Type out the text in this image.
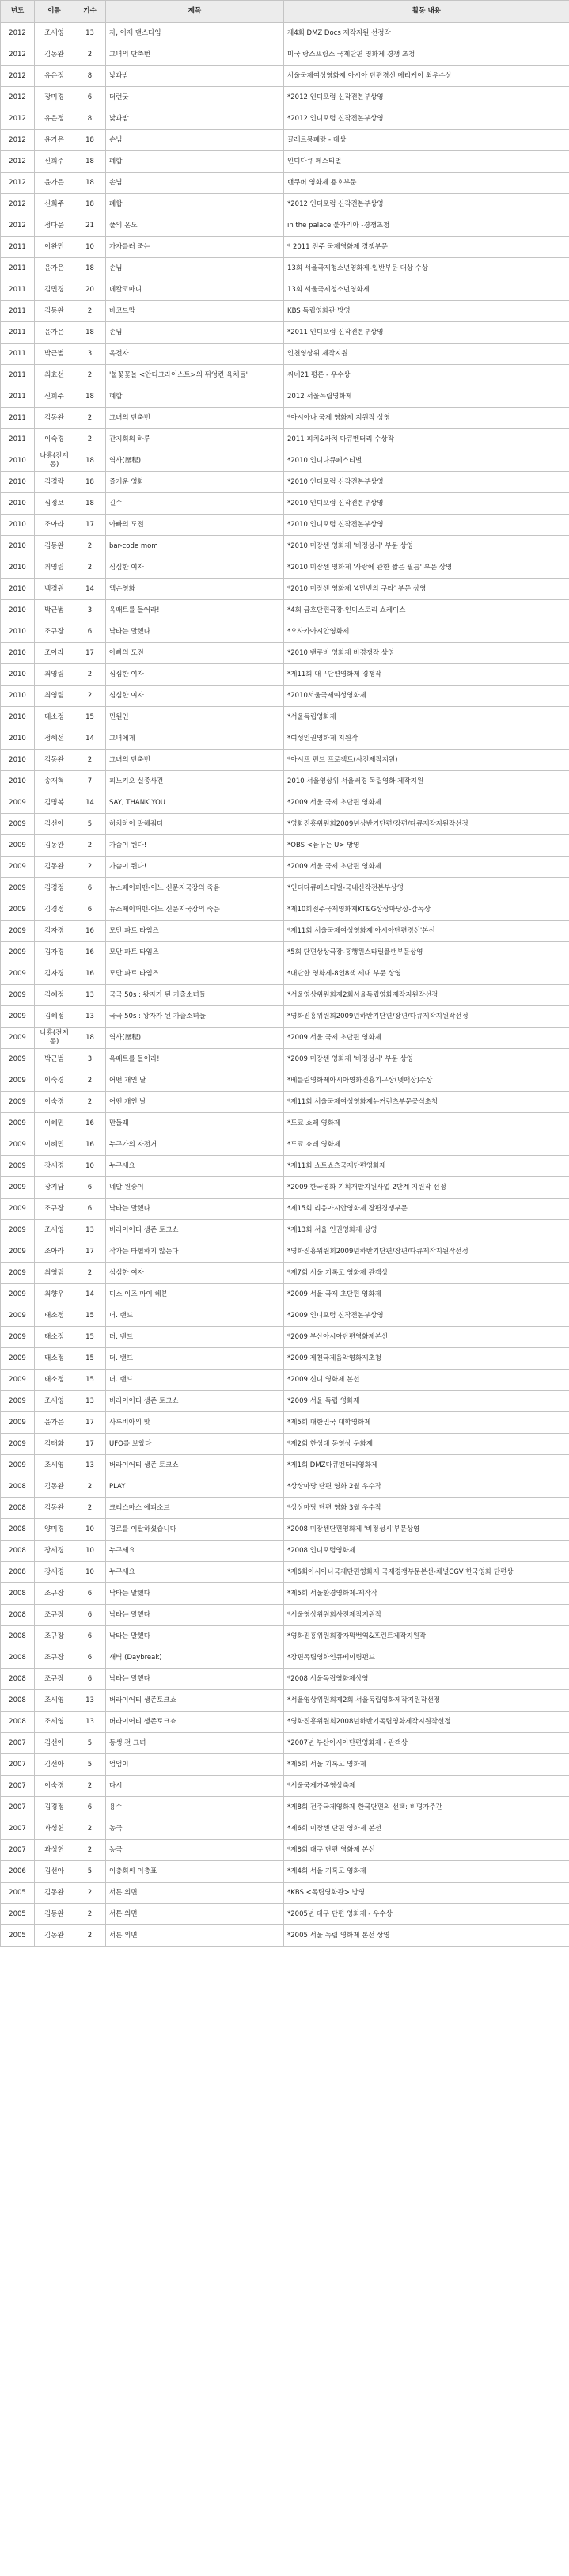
년도	이름	기수	제목	활동 내용
2012	조세영	13	자, 이제 댄스타임	제4회 DMZ Docs 제작지원 선정작
2012	김동완	2	그녀의 단축번	미국 랑스프링스 국제단편 영화제 경쟁 초청
2012	유은정	8	낯과밤	서울국제여성영화제 아시아 단편경선 메리케이 최우수상
2012	장미경	6	더런굿	*2012 인디포럼 신작전본부상영
2012	유은정	8	낯과밤	*2012 인디포럼 신작전본부상영
2012	윤가은	18	손님	끌레르몽페랑 - 대상
2012	신희주	18	폐합	인디다큐 페스티벌
2012	윤가은	18	손님	밴쿠버 영화제 용호부문
2012	신희주	18	폐합	*2012 인디포럼 신작전본부상영
2012	정다운	21	풀의 온도	in the palace 불가리아 -경쟁초청
2011	이완민	10	가자를러 죽는	* 2011 전주 국제영화제 경쟁부문
2011	윤가은	18	손님	13회 서울국제청소년영화제-일반부문 대상 수상
2011	김민경	20	데칼코마니	13회 서울국제청소년영화제
2011	김동완	2	바코드맘	KBS 독립영화관 방영
2011	윤가은	18	손님	*2011 인디포럼 신작전본부상영
2011	박근범	3	옥전자	인천영상위 제작지원
2011	최효선	2	'불꽃꽃놀:<안티크라이스트>의 뒤엉킨 육체들'	씨네21 평론 - 우수상
2011	신희주	18	폐합	2012 서울독립영화제
2011	김동완	2	그녀의 단축번	*아시아나 국제 영화제 지원작 상영
2011	이숙경	2	간지회의 하루	2011 피치&카치 다큐멘터리 수상작
2010	나흥(전계동)	18	역사(歷程)	*2010 인디다큐페스티벌
2010	김경락	18	즐거운 영화	*2010 인디포럼 신작전본부상영
2010	심정보	18	길수	*2010 인디포럼 신작전본부상영
2010	조아라	17	아빠의 도전	*2010 인디포럼 신작전본부상영
2010	김동완	2	bar-code mom	*2010 미장센 영화제 '비정성시' 부문 상영
2010	최영림	2	심심한 여자	*2010 미장센 영화제 '사랑에 관한 짧은 필름' 부문 상영
2010	백경원	14	엑손영화	*2010 미장센 영화제 '4만번의 구타' 부문 상영
2010	박근범	3	옥때트를 들어라!	*4회 금호단편극장-인디스토리 쇼케이스
2010	조규장	6	낙타는 말했다	*오사카아시안영화제
2010	조아라	17	아빠의 도전	*2010 밴쿠버 영화제 비경쟁작 상영
2010	최영림	2	심심한 여자	*제11회 대구단편영화제 경쟁작
2010	최영림	2	심심한 여자	*2010서울국제여성영화제
2010	태소정	15	민원인	*서울독립영화제
2010	정혜선	14	그녀에게	*여성인권영화제 지원작
2010	김동완	2	그녀의 단축번	*아시프 편드 프로젝트(사전제작지원)
2010	송재혁	7	피노키오 실종사건	2010 서울영상위 서울배경 독립영화 제작지원
2009	김명복	14	SAY, THANK YOU	*2009 서울 국제 초단편 영화제
2009	김선아	5	히치하이 말해줘다	*영화진흥위원회2009년상반기단편/장편/다큐제작지원작선정
2009	김동완	2	가슴이 뛴다!	*OBS <움꾸는 U> 방영
2009	김동완	2	가슴이 뛴다!	*2009 서울 국제 초단편 영화제
2009	김경정	6	뉴스페이퍼맨-어느 신문지국장의 죽음	*인디다큐페스티벌-국내신작전본부상영
2009	김경정	6	뉴스페이퍼맨-어느 신문지국장의 죽음	*제10회전주국제영화제KT&G상상마당상-감독상
2009	김자경	16	모만 파트 타임즈	*제11회 서울국제여성영화제'아시아단편경선'본선
2009	김자경	16	모만 파트 타임즈	*5회 단편상상극장-흥행원스타릴플랜부문상영
2009	김자경	16	모만 파트 타임즈	*대단한 영화제-8인8색 세대 부문 상영
2009	김혜정	13	국국 50s : 왕자가 된 가출소녀들	*서울영상위원회제2회서울독립영화제작지원작선정
2009	김혜정	13	국국 50s : 왕자가 된 가출소녀들	*영화진흥위원회2009년하반기단편/장편/다큐제작지원작선정
2009	나흥(전계동)	18	역사(歷程)	*2009 서울 국제 초단편 영화제
2009	박근범	3	옥때트를 들어라!	*2009 미장센 영화제 '비정성시' 부문 상영
2009	이숙경	2	어떤 개인 날	*베를린영화제아시아영화진흥기구상(넷팩상)수상
2009	이숙경	2	어떤 개인 날	*제11회 서울국제여성영화제뉴커런츠부문공식초청
2009	이혜민	16	만들래	*도쿄 쇼레 영화제
2009	이혜민	16	누구가의 자전거	*도쿄 쇼레 영화제
2009	장세경	10	누구세요	*제11회 쇼트쇼츠국제단편영화제
2009	장지남	6	네발 원숭이	*2009 한국영화 기획개발지원사업 2단계 지원작 선정
2009	조규장	6	낙타는 말했다	*제15회 리옹아시안영화제 장편경쟁부문
2009	조세영	13	버라이어티 생존 토크쇼	*제13회 서울 인권영화제 상영
2009	조아라	17	작가는 타협하지 않는다	*영화진흥위원회2009년하반기단편/장편/다큐제작지원작선정
2009	최영림	2	심심한 여자	*제7회 서울 기록고 영화제 관객상
2009	최향우	14	디스 이즈 마이 헤븐	*2009 서울 국제 초단편 영화제
2009	태소정	15	더. 밴드	*2009 인디포럼 신작전본부상영
2009	태소정	15	더. 밴드	*2009 부산아시아단편영화제본선
2009	태소정	15	더. 밴드	*2009 제천국제음악영화제초청
2009	태소정	15	더. 밴드	*2009 신디 영화제 본선
2009	조세영	13	버라이어티 생존 토크쇼	*2009 서울 독립 영화제
2009	윤가은	17	사루비아의 맛	*제5회 대한민국 대학영화제
2009	김태화	17	UFO를 보았다	*제2회 한성대 동영상 문화제
2009	조세영	13	버라이어티 생존 토크쇼	*제1회 DMZ다큐멘터리영화제
2008	김동완	2	PLAY	*상상마당 단편 영화 2월 우수작
2008	김동완	2	크리스마스 에피소드	*상상마당 단편 영화 3월 우수작
2008	양미경	10	경로를 이탈하셨습니다	*2008 미장센단편영화제 '비정성시'부문상영
2008	장세경	10	누구세요	*2008 인디포럼영화제
2008	장세경	10	누구세요	*제6회아시아나국제단편영화제 국제경쟁부문본선-채널CGV 한국영화 단편상
2008	조규장	6	낙타는 말했다	*제5회 서울환경영화제-제작작
2008	조규장	6	낙타는 말했다	*서울영상위원회사전제작지원작
2008	조규장	6	낙타는 말했다	*영화진흥위원회장자막번역&프린트제작지원작
2008	조규장	6	새벽 (Daybreak)	*장편독립영화인큐베이팅펀드
2008	조규장	6	낙타는 말했다	*2008 서울독립영화제상영
2008	조세영	13	버라이어티 생존토크쇼	*서울영상위원회제2회 서울독립영화제작지원작선정
2008	조세영	13	버라이어티 생존토크쇼	*영화진흥위원회2008년하반기독립영화제작지원작선정
2007	김선아	5	동생 전 그녀	*2007년 부산아시아단편영화제 - 관객상
2007	김선아	5	엄엄이	*제5회 서울 기록고 영화제
2007	이숙경	2	다시	*서울국제가족영상축제
2007	김경정	6	용수	*제8회 전주국제영화제 한국단편의 선택: 비평가주간
2007	과성헌	2	농국	*제6회 미장센 단편 영화제 본선
2007	과성헌	2	농국	*제8회 대구 단편 영화제 본선
2006	김선아	5	이층회씨 이층표	*제4회 서울 기록고 영화제
2005	김동완	2	서툰 외면	*KBS <독립영화관> 방영
2005	김동완	2	서툰 외면	*2005년 대구 단편 영화제 - 우수상
2005	김동완	2	서툰 외면	*2005 서울 독립 영화제 본선 상영
